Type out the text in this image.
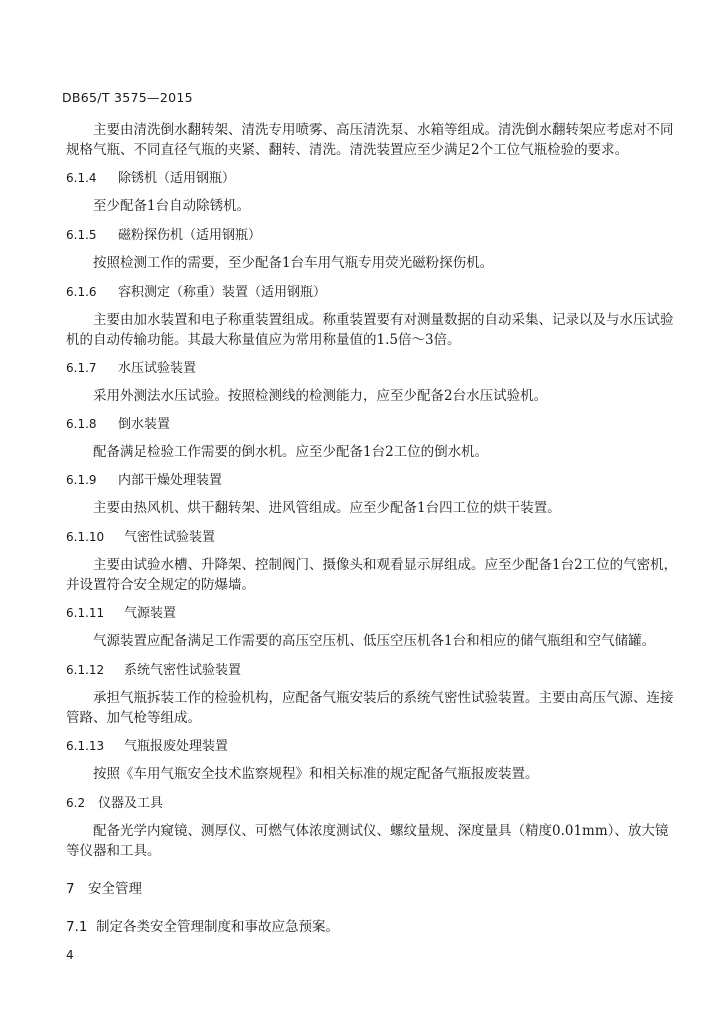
DB65/T 3575—2015
主要由清洗倒水翻转架、清洗专用喷雾、高压清洗泵、水箱等组成。清洗倒水翻转架应考虑对不同
规格气瓶、不同直径气瓶的夹紧、翻转、清洗。清洗装置应至少满足2个工位气瓶检验的要求。
6.1.4 除锈机（适用钢瓶）
至少配备1台自动除锈机。
6.1.5 磁粉探伤机（适用钢瓶）
按照检测工作的需要，至少配备1台车用气瓶专用荧光磁粉探伤机。
6.1.6 容积测定（称重）装置（适用钢瓶）
主要由加水装置和电子称重装置组成。称重装置要有对测量数据的自动采集、记录以及与水压试验
机的自动传输功能。其最大称量值应为常用称量值的1.5倍～3倍。
6.1.7 水压试验装置
采用外测法水压试验。按照检测线的检测能力，应至少配备2台水压试验机。
6.1.8 倒水装置
配备满足检验工作需要的倒水机。应至少配备1台2工位的倒水机。
6.1.9 内部干燥处理装置
主要由热风机、烘干翻转架、进风管组成。应至少配备1台四工位的烘干装置。
6.1.10 气密性试验装置
主要由试验水槽、升降架、控制阀门、摄像头和观看显示屏组成。应至少配备1台2工位的气密机，
并设置符合安全规定的防爆墙。
6.1.11 气源装置
气源装置应配备满足工作需要的高压空压机、低压空压机各1台和相应的储气瓶组和空气储罐。
6.1.12 系统气密性试验装置
承担气瓶拆装工作的检验机构，应配备气瓶安装后的系统气密性试验装置。主要由高压气源、连接
管路、加气枪等组成。
6.1.13 气瓶报废处理装置
按照《车用气瓶安全技术监察规程》和相关标准的规定配备气瓶报废装置。
6.2 仪器及工具
配备光学内窥镜、测厚仪、可燃气体浓度测试仪、螺纹量规、深度量具（精度0.01mm）、放大镜
等仪器和工具。
7 安全管理
7.1 制定各类安全管理制度和事故应急预案。
4
